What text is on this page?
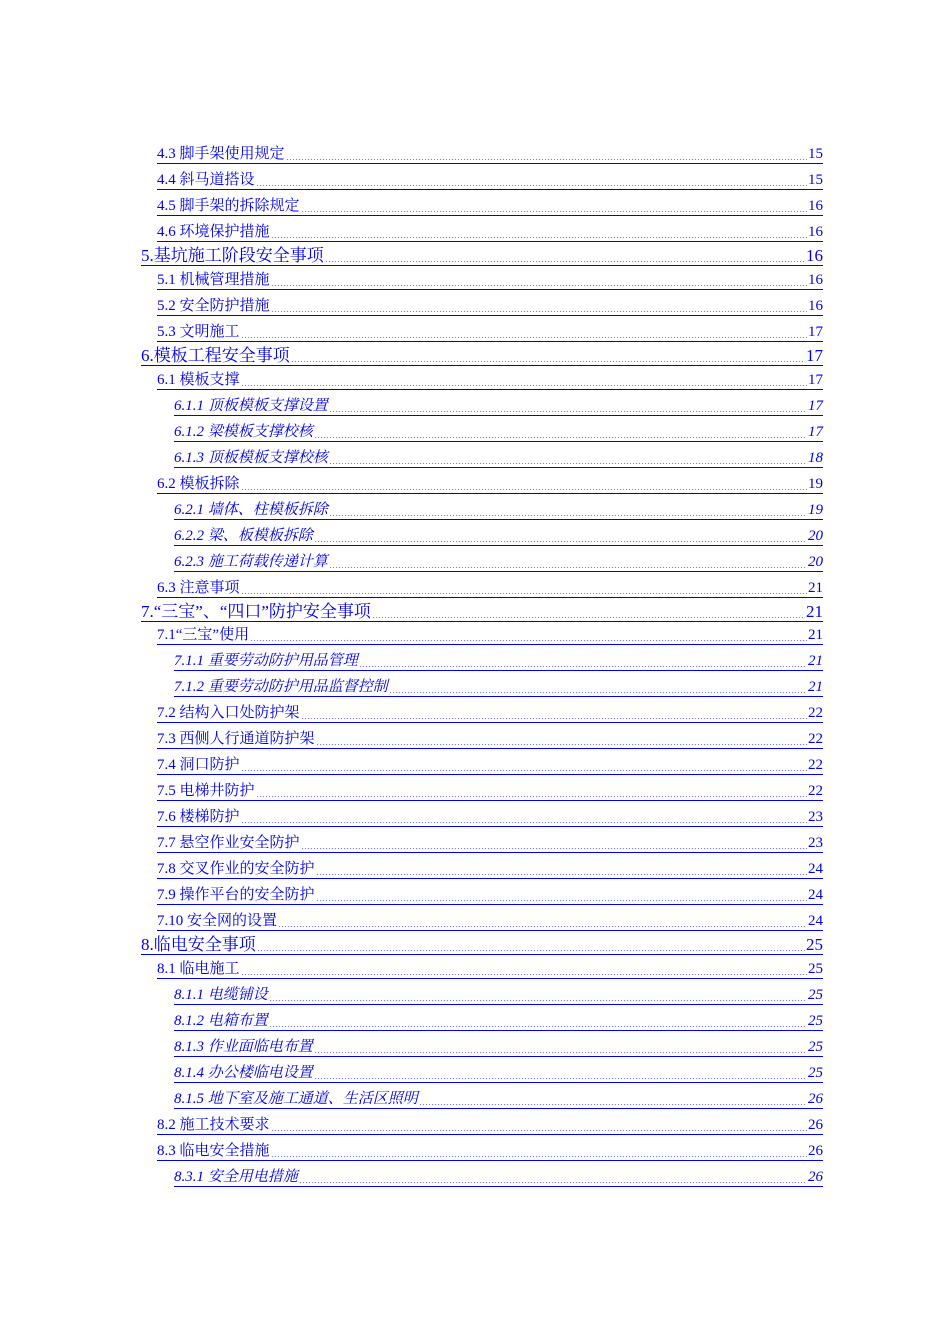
4.3 脚手架使用规定	15
4.4 斜马道搭设	15
4.5 脚手架的拆除规定	16
4.6 环境保护措施	16
5.基坑施工阶段安全事项	16
5.1 机械管理措施	16
5.2 安全防护措施	16
5.3 文明施工	17
6.模板工程安全事项	17
6.1 模板支撑	17
6.1.1 顶板模板支撑设置	17
6.1.2 梁模板支撑校核	17
6.1.3 顶板模板支撑校核	18
6.2 模板拆除	19
6.2.1 墙体、柱模板拆除	19
6.2.2 梁、板模板拆除	20
6.2.3 施工荷载传递计算	20
6.3 注意事项	21
7.“三宝”、“四口”防护安全事项	21
7.1“三宝”使用	21
7.1.1 重要劳动防护用品管理	21
7.1.2 重要劳动防护用品监督控制	21
7.2 结构入口处防护架	22
7.3 西侧人行通道防护架	22
7.4 洞口防护	22
7.5 电梯井防护	22
7.6 楼梯防护	23
7.7 悬空作业安全防护	23
7.8 交叉作业的安全防护	24
7.9 操作平台的安全防护	24
7.10 安全网的设置	24
8.临电安全事项	25
8.1 临电施工	25
8.1.1 电缆铺设	25
8.1.2 电箱布置	25
8.1.3 作业面临电布置	25
8.1.4 办公楼临电设置	25
8.1.5 地下室及施工通道、生活区照明	26
8.2 施工技术要求	26
8.3 临电安全措施	26
8.3.1 安全用电措施	26
